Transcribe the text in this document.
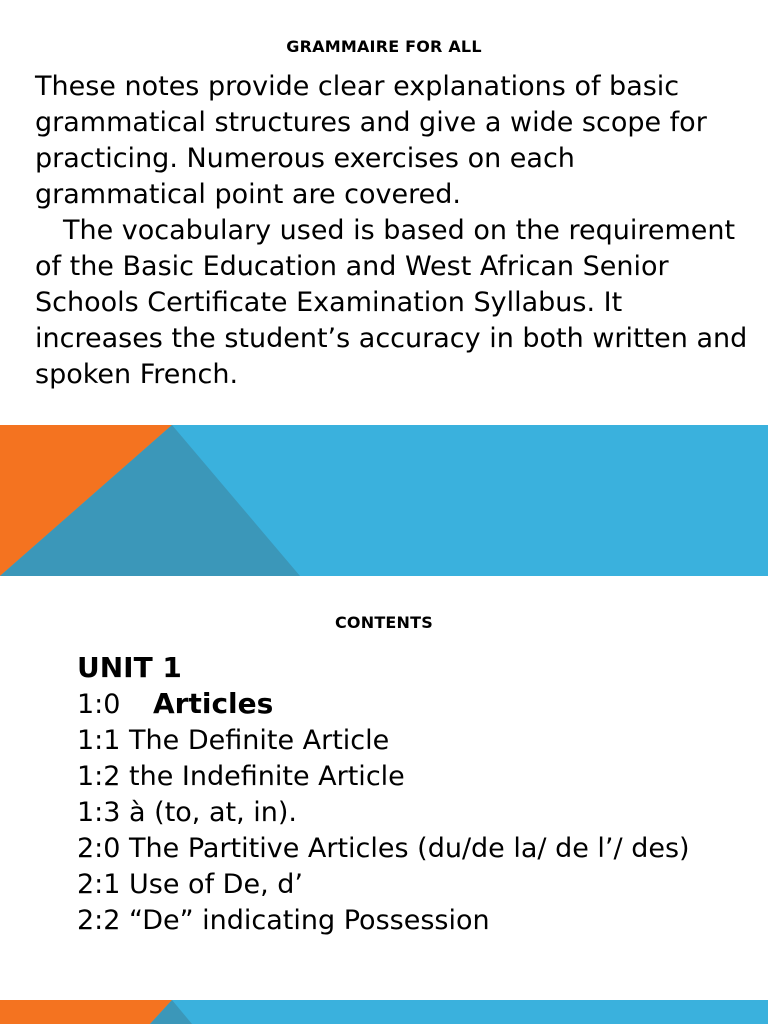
GRAMMAIRE FOR ALL

These notes provide clear explanations of basic grammatical structures and give a wide scope for practicing. Numerous exercises on each grammatical point are covered.

The vocabulary used is based on the requirement of the Basic Education and West African Senior Schools Certificate Examination Syllabus. It increases the student’s accuracy in both written and spoken French.

CONTENTS
UNIT 1
1:0 Articles
1:1 The Definite Article
1:2 the Indefinite Article
1:3 à (to, at, in).
2:0 The Partitive Articles (du/de la/ de l’/ des)
2:1 Use of De, d’
2:2 “De” indicating Possession
